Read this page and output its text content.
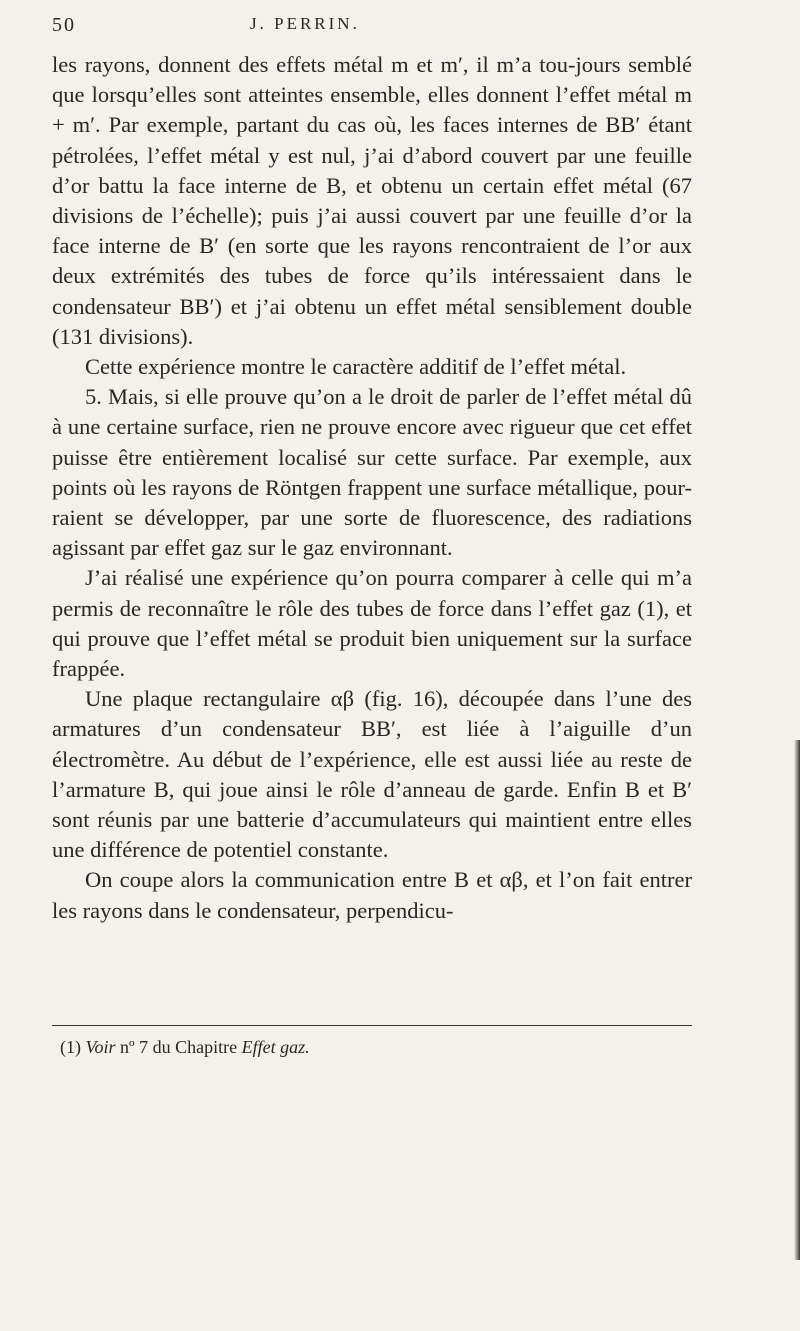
50	J. PERRIN.

les rayons, donnent des effets métal m et m′, il m’a tou-jours semblé que lorsqu’elles sont atteintes ensemble, elles donnent l’effet métal m + m′. Par exemple, partant du cas où, les faces internes de BB′ étant pétrolées, l’effet métal y est nul, j’ai d’abord couvert par une feuille d’or battu la face interne de B, et obtenu un certain effet métal (67 divisions de l’échelle); puis j’ai aussi couvert par une feuille d’or la face interne de B′ (en sorte que les rayons rencontraient de l’or aux deux extrémités des tubes de force qu’ils intéressaient dans le condensateur BB′) et j’ai obtenu un effet métal sensiblement double (131 divisions).

Cette expérience montre le caractère additif de l’effet métal.

5. Mais, si elle prouve qu’on a le droit de parler de l’effet métal dû à une certaine surface, rien ne prouve encore avec rigueur que cet effet puisse être entièrement localisé sur cette surface. Par exemple, aux points où les rayons de Röntgen frappent une surface métallique, pour-raient se développer, par une sorte de fluorescence, des radiations agissant par effet gaz sur le gaz environnant.

J’ai réalisé une expérience qu’on pourra comparer à celle qui m’a permis de reconnaître le rôle des tubes de force dans l’effet gaz (1), et qui prouve que l’effet métal se produit bien uniquement sur la surface frappée.

Une plaque rectangulaire αβ (fig. 16), découpée dans l’une des armatures d’un condensateur BB′, est liée à l’aiguille d’un électromètre. Au début de l’expérience, elle est aussi liée au reste de l’armature B, qui joue ainsi le rôle d’anneau de garde. Enfin B et B′ sont réunis par une batterie d’accumulateurs qui maintient entre elles une différence de potentiel constante.

On coupe alors la communication entre B et αβ, et l’on fait entrer les rayons dans le condensateur, perpendicu-

(1) Voir nº 7 du Chapitre Effet gaz.
